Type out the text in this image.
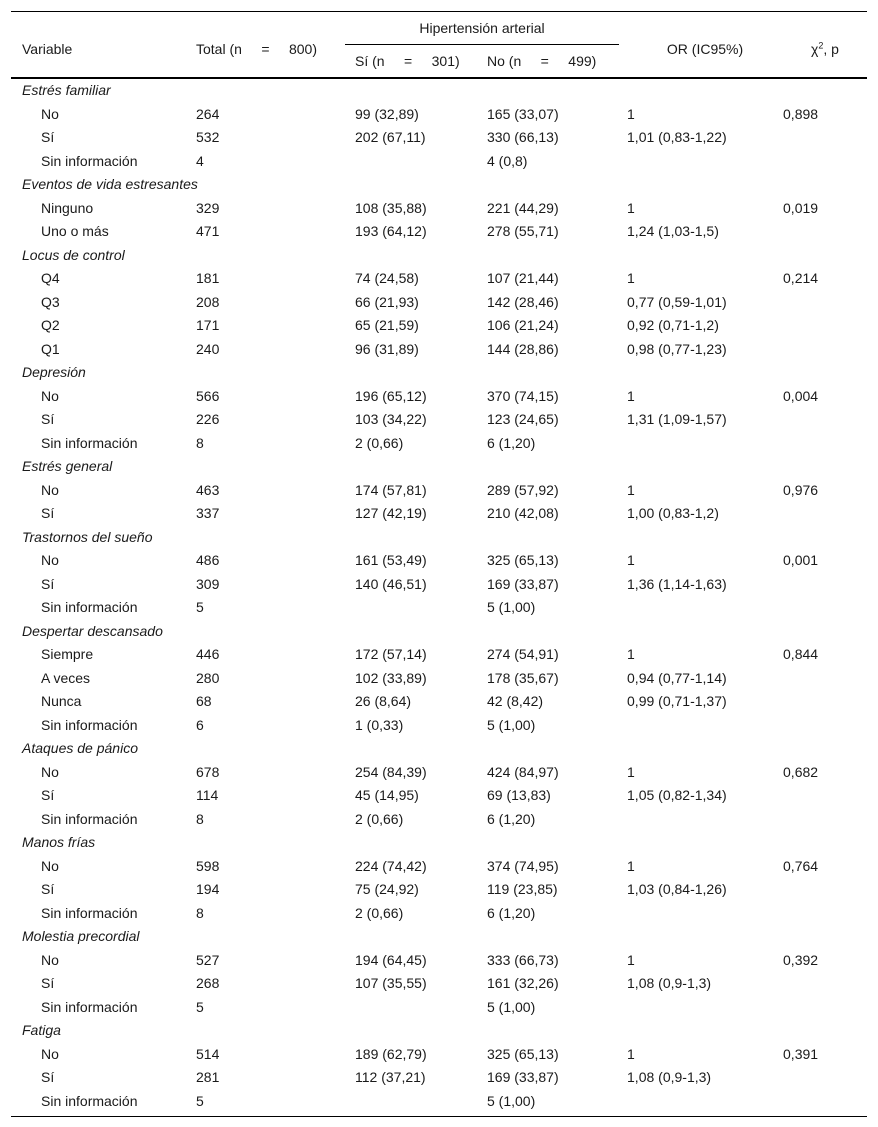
Variable	Total (n     =     800)	Hipertensión arterial		OR (IC95%)	$\chi^2$, p
		Sí (n     =     301)	No (n     =     499)		
Estrés familiar					
No	264	99 (32,89)	165 (33,07)	1	0,898
Sí	532	202 (67,11)	330 (66,13)	1,01 (0,83-1,22)	
Sin información	4		4 (0,8)		
Eventos de vida estresantes					
Ninguno	329	108 (35,88)	221 (44,29)	1	0,019
Uno o más	471	193 (64,12)	278 (55,71)	1,24 (1,03-1,5)	
Locus de control					
Q4	181	74 (24,58)	107 (21,44)	1	0,214
Q3	208	66 (21,93)	142 (28,46)	0,77 (0,59-1,01)	
Q2	171	65 (21,59)	106 (21,24)	0,92 (0,71-1,2)	
Q1	240	96 (31,89)	144 (28,86)	0,98 (0,77-1,23)	
Depresión					
No	566	196 (65,12)	370 (74,15)	1	0,004
Sí	226	103 (34,22)	123 (24,65)	1,31 (1,09-1,57)	
Sin información	8	2 (0,66)	6 (1,20)		
Estrés general					
No	463	174 (57,81)	289 (57,92)	1	0,976
Sí	337	127 (42,19)	210 (42,08)	1,00 (0,83-1,2)	
Trastornos del sueño					
No	486	161 (53,49)	325 (65,13)	1	0,001
Sí	309	140 (46,51)	169 (33,87)	1,36 (1,14-1,63)	
Sin información	5		5 (1,00)		
Despertar descansado					
Siempre	446	172 (57,14)	274 (54,91)	1	0,844
A veces	280	102 (33,89)	178 (35,67)	0,94 (0,77-1,14)	
Nunca	68	26 (8,64)	42 (8,42)	0,99 (0,71-1,37)	
Sin información	6	1 (0,33)	5 (1,00)		
Ataques de pánico					
No	678	254 (84,39)	424 (84,97)	1	0,682
Sí	114	45 (14,95)	69 (13,83)	1,05 (0,82-1,34)	
Sin información	8	2 (0,66)	6 (1,20)		
Manos frías					
No	598	224 (74,42)	374 (74,95)	1	0,764
Sí	194	75 (24,92)	119 (23,85)	1,03 (0,84-1,26)	
Sin información	8	2 (0,66)	6 (1,20)		
Molestia precordial					
No	527	194 (64,45)	333 (66,73)	1	0,392
Sí	268	107 (35,55)	161 (32,26)	1,08 (0,9-1,3)	
Sin información	5		5 (1,00)		
Fatiga					
No	514	189 (62,79)	325 (65,13)	1	0,391
Sí	281	112 (37,21)	169 (33,87)	1,08 (0,9-1,3)	
Sin información	5		5 (1,00)		
